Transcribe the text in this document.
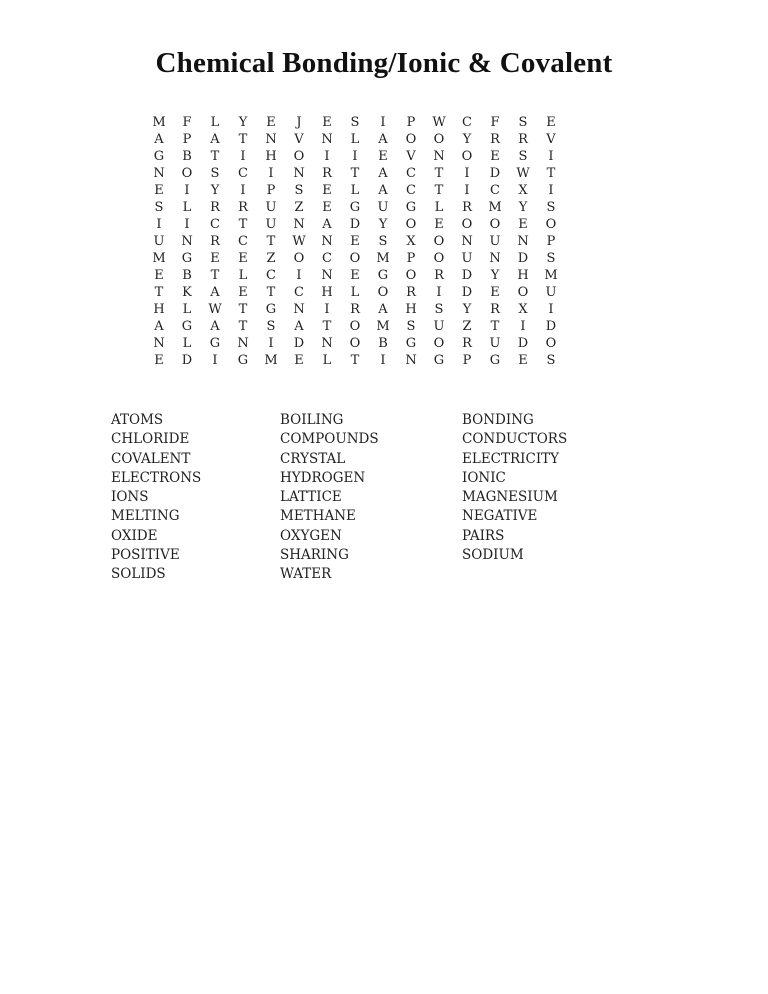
Chemical Bonding/Ionic & Covalent
M	F	L	Y	E	J	E	S	I	P	W	C	F	S	E
A	P	A	T	N	V	N	L	A	O	O	Y	R	R	V
G	B	T	I	H	O	I	I	E	V	N	O	E	S	I
N	O	S	C	I	N	R	T	A	C	T	I	D	W	T
E	I	Y	I	P	S	E	L	A	C	T	I	C	X	I
S	L	R	R	U	Z	E	G	U	G	L	R	M	Y	S
I	I	C	T	U	N	A	D	Y	O	E	O	O	E	O
U	N	R	C	T	W	N	E	S	X	O	N	U	N	P
M	G	E	E	Z	O	C	O	M	P	O	U	N	D	S
E	B	T	L	C	I	N	E	G	O	R	D	Y	H	M
T	K	A	E	T	C	H	L	O	R	I	D	E	O	U
H	L	W	T	G	N	I	R	A	H	S	Y	R	X	I
A	G	A	T	S	A	T	O	M	S	U	Z	T	I	D
N	L	G	N	I	D	N	O	B	G	O	R	U	D	O
E	D	I	G	M	E	L	T	I	N	G	P	G	E	S
ATOMS	BOILING	BONDING
CHLORIDE	COMPOUNDS	CONDUCTORS
COVALENT	CRYSTAL	ELECTRICITY
ELECTRONS	HYDROGEN	IONIC
IONS	LATTICE	MAGNESIUM
MELTING	METHANE	NEGATIVE
OXIDE	OXYGEN	PAIRS
POSITIVE	SHARING	SODIUM
SOLIDS	WATER
